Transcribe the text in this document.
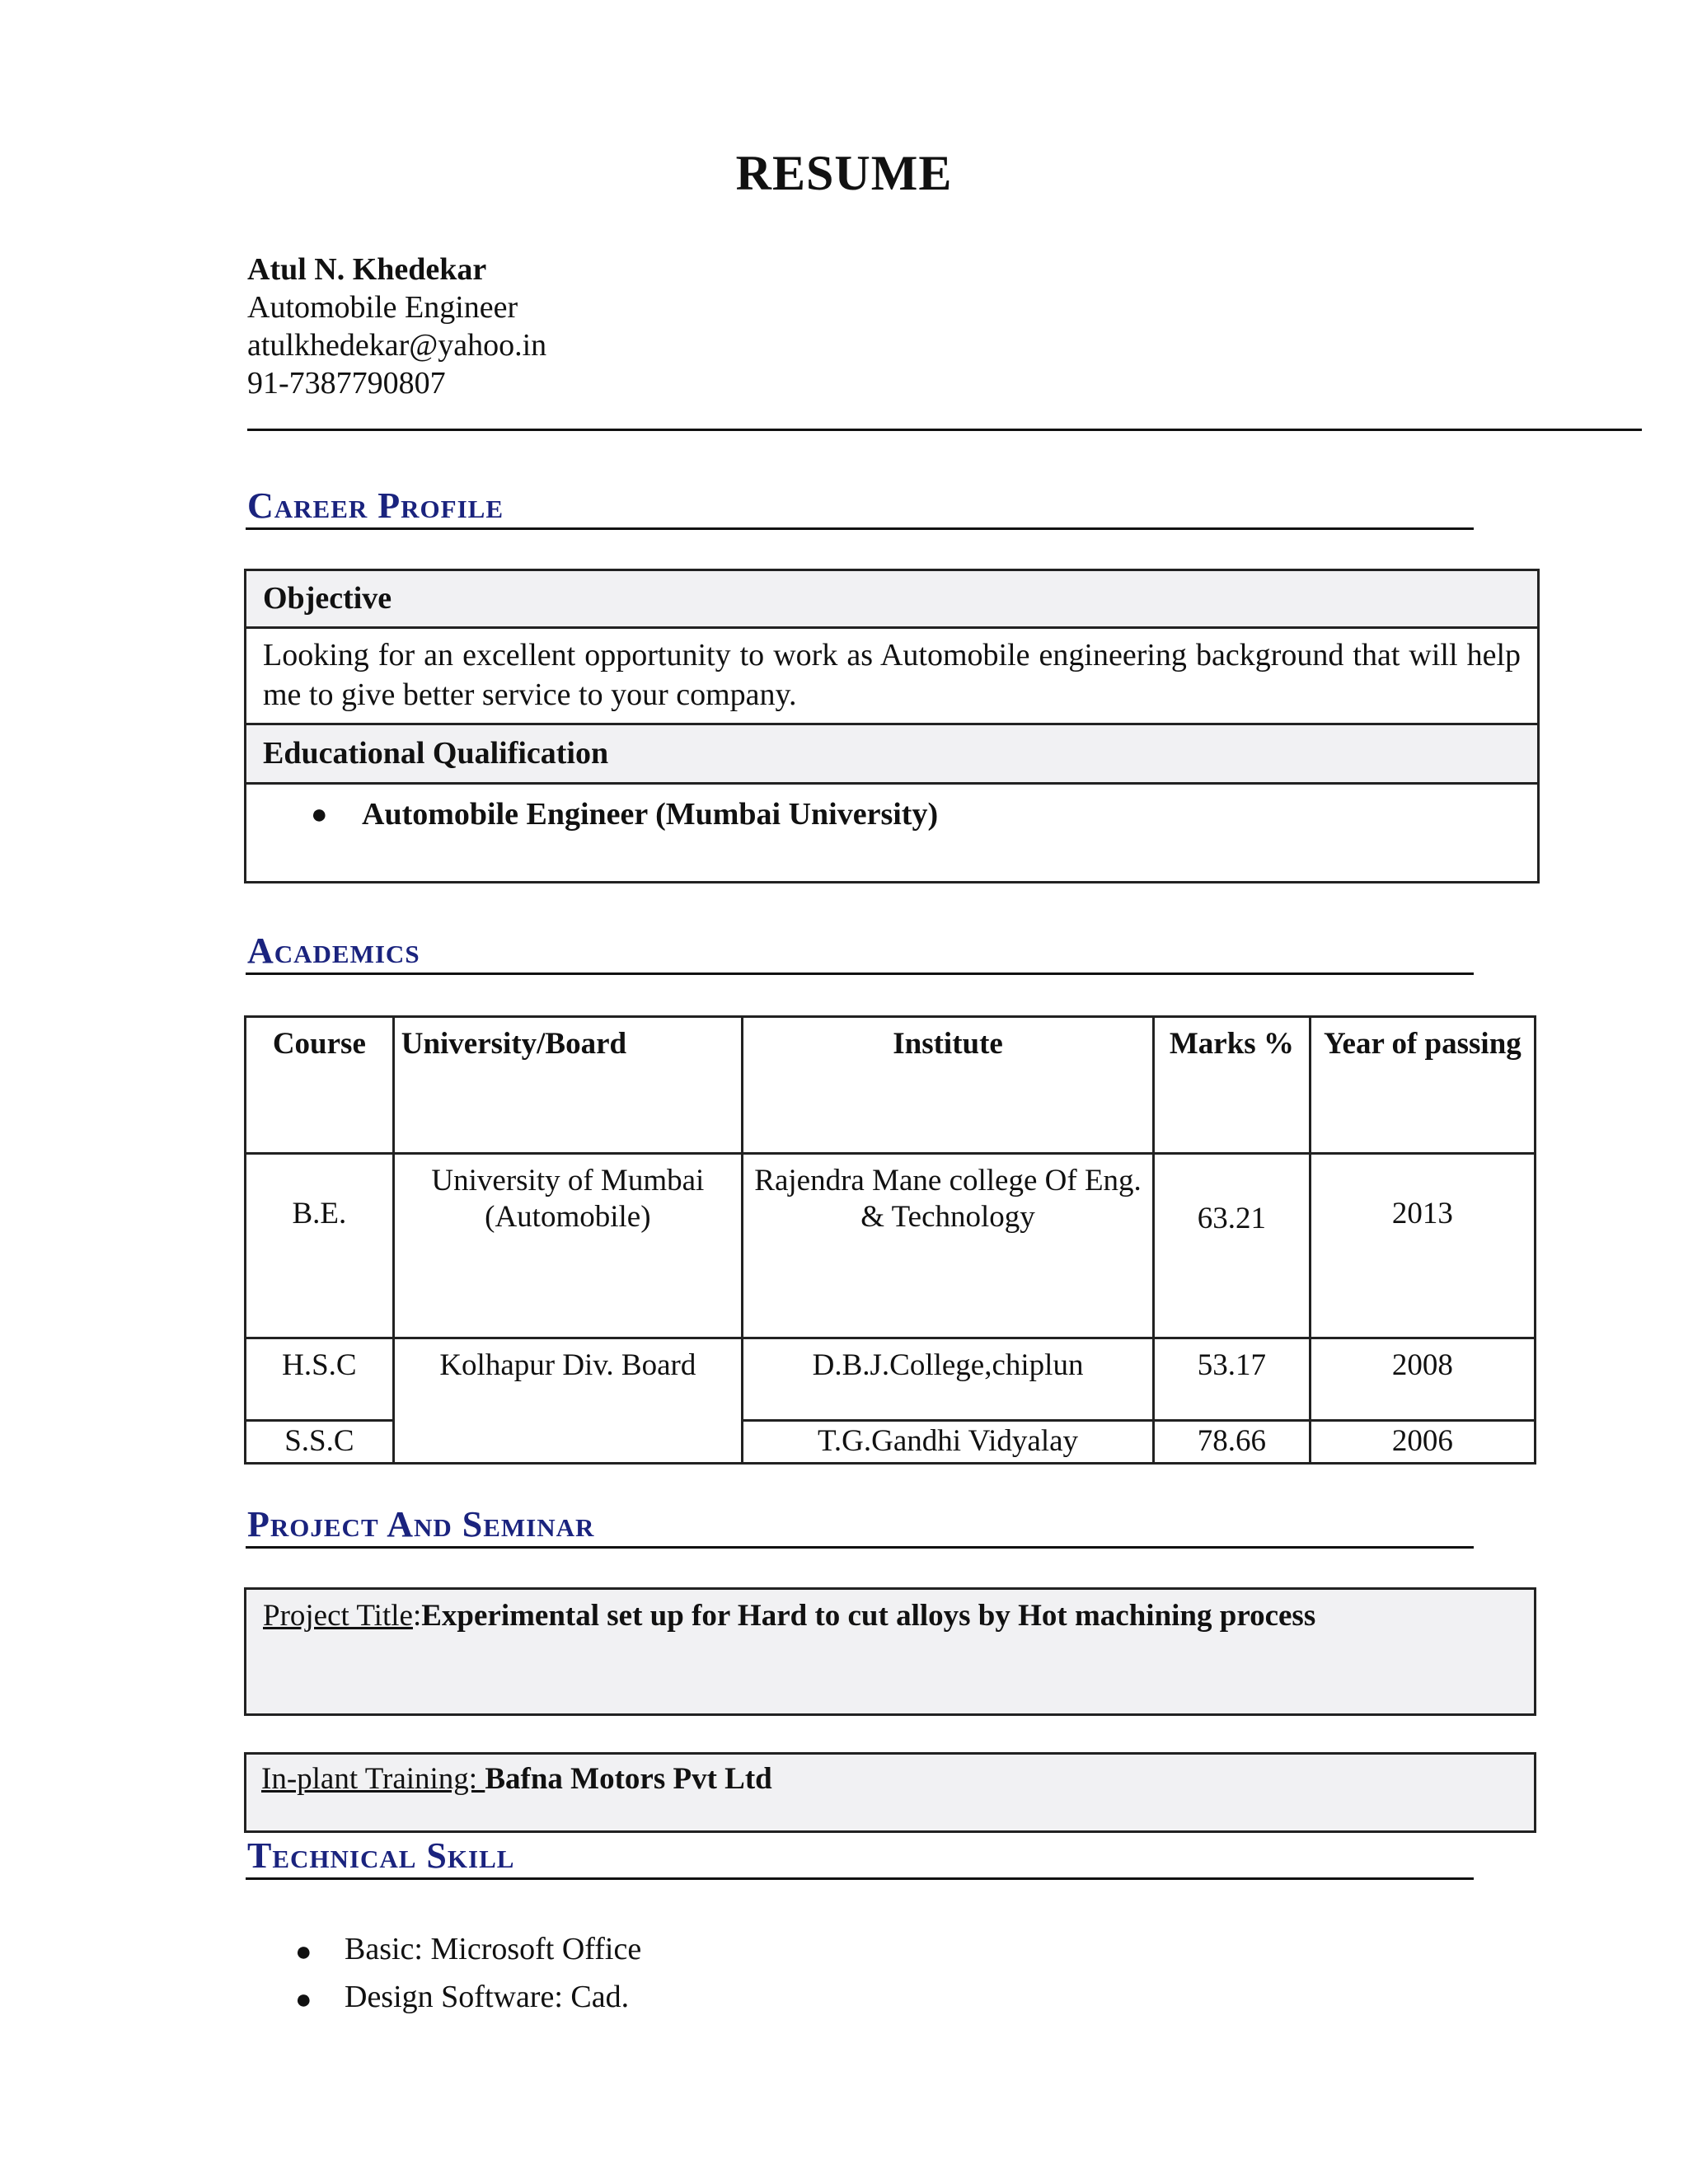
RESUME
Atul N. Khedekar
Automobile Engineer
atulkhedekar@yahoo.in
91-7387790807
Career Profile
Objective
Looking for an excellent opportunity to work as Automobile engineering background that will help me to give better service to your company.
Educational Qualification
● Automobile Engineer (Mumbai University)
Academics
Course	University/Board	Institute	Marks %	Year of passing
B.E.	University of Mumbai (Automobile)	Rajendra Mane college Of Eng. & Technology	63.21	2013
H.S.C	Kolhapur Div. Board	D.B.J.College,chiplun	53.17	2008
S.S.C		T.G.Gandhi Vidyalay	78.66	2006
Project And Seminar
Project Title:Experimental set up for Hard to cut alloys by Hot machining process
In-plant Training: Bafna Motors Pvt Ltd
Technical Skill
● Basic: Microsoft Office
● Design Software: Cad.
